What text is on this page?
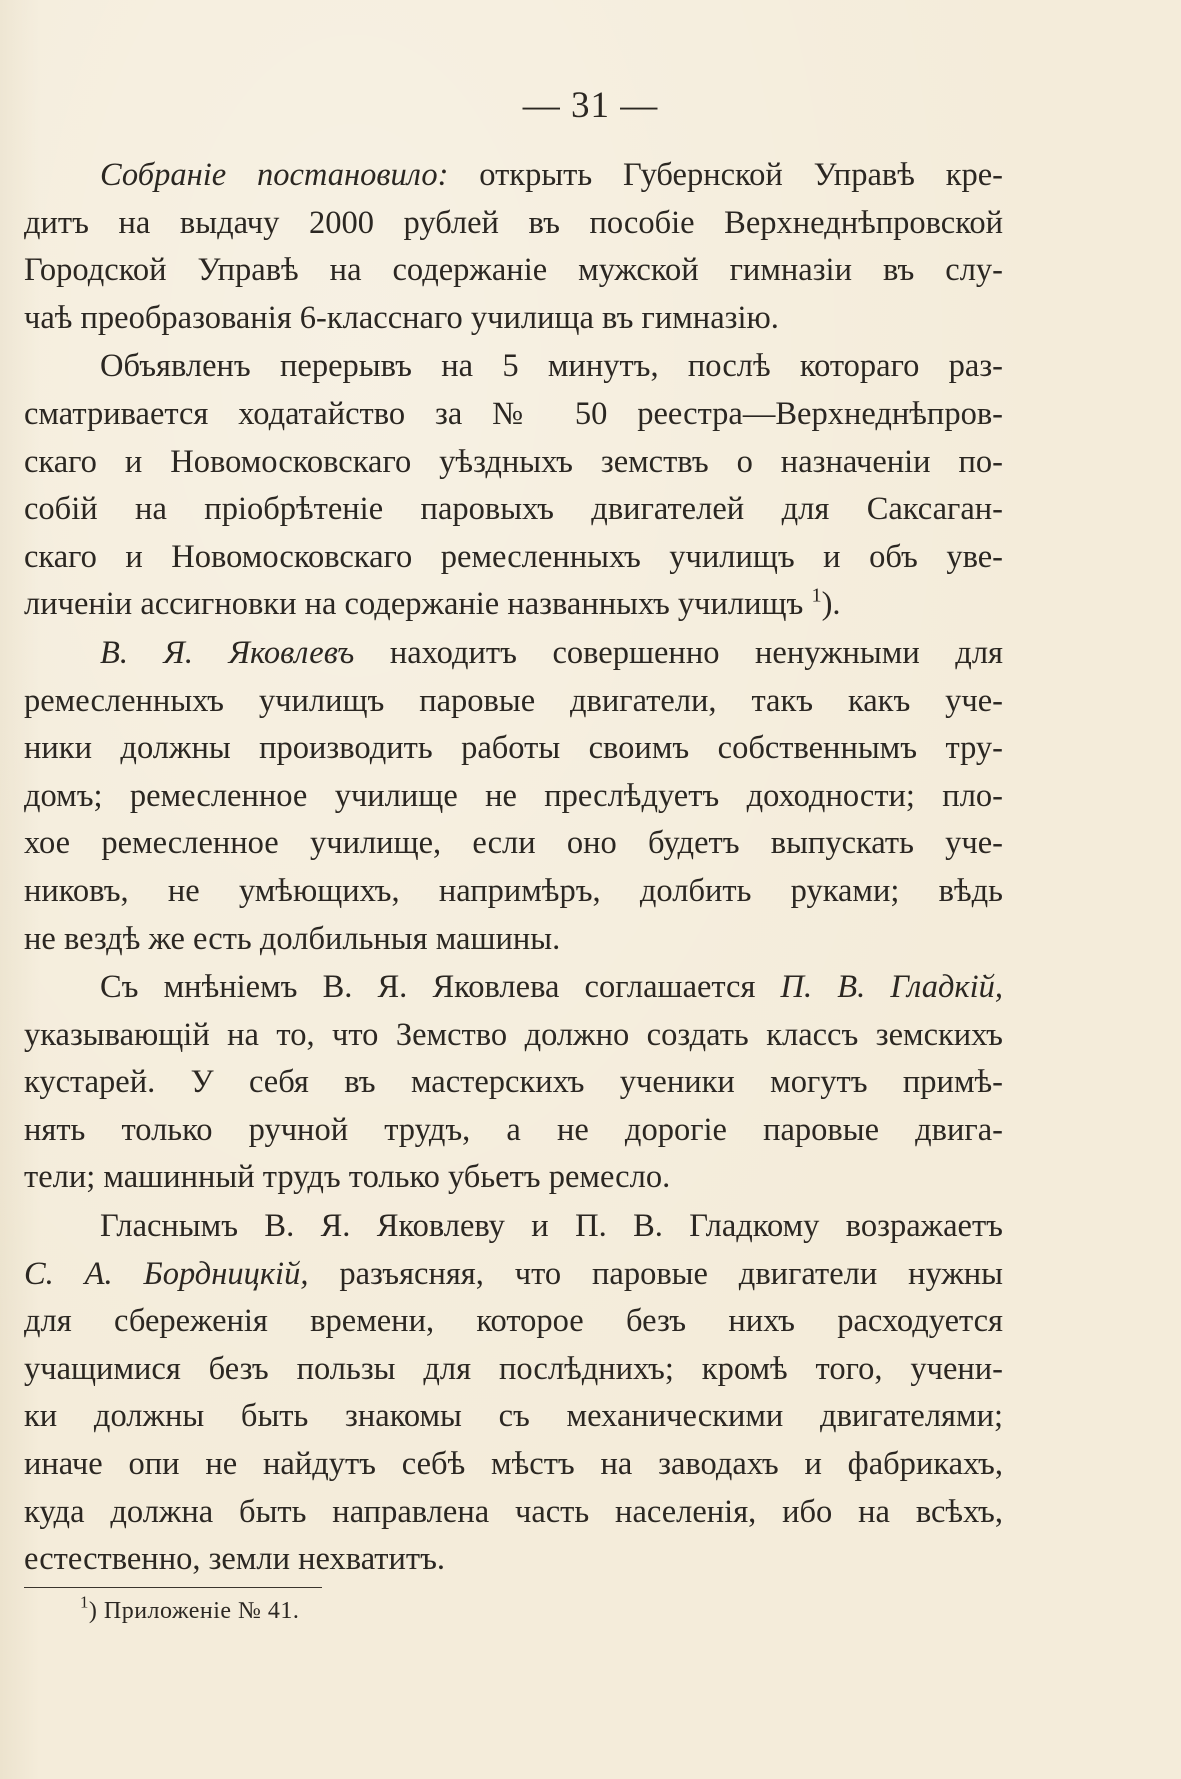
— 31 —
Собраніе постановило: открыть Губернской Управѣ кре-
дитъ на выдачу 2000 рублей въ пособіе Верхнеднѣпровской
Городской Управѣ на содержаніе мужской гимназіи въ слу-
чаѣ преобразованія 6-класснаго училища въ гимназію.
Объявленъ перерывъ на 5 минутъ, послѣ котораго раз-
сматривается ходатайство за № 50 реестра—Верхнеднѣпров-
скаго и Новомосковскаго уѣздныхъ земствъ о назначеніи по-
собій на пріобрѣтеніе паровыхъ двигателей для Саксаган-
скаго и Новомосковскаго ремесленныхъ училищъ и объ уве-
личеніи ассигновки на содержаніе названныхъ училищъ $^1$).
В. Я. Яковлевъ находитъ совершенно ненужными для
ремесленныхъ училищъ паровые двигатели, такъ какъ уче-
ники должны производить работы своимъ собственнымъ тру-
домъ; ремесленное училище не преслѣдуетъ доходности; пло-
хое ремесленное училище, если оно будетъ выпускать уче-
никовъ, не умѣющихъ, напримѣръ, долбить руками; вѣдь
не вездѣ же есть долбильныя машины.
Съ мнѣніемъ В. Я. Яковлева соглашается П. В. Гладкій,
указывающій на то, что Земство должно создать классъ земскихъ
кустарей. У себя въ мастерскихъ ученики могутъ примѣ-
нять только ручной трудъ, а не дорогіе паровые двига-
тели; машинный трудъ только убьетъ ремесло.
Гласнымъ В. Я. Яковлеву и П. В. Гладкому возражаетъ
С. А. Бордницкій, разъясняя, что паровые двигатели нужны
для сбереженія времени, которое безъ нихъ расходуется
учащимися безъ пользы для послѣднихъ; кромѣ того, учени-
ки должны быть знакомы съ механическими двигателями;
иначе опи не найдутъ себѣ мѣстъ на заводахъ и фабрикахъ,
куда должна быть направлена часть населенія, ибо на всѣхъ,
естественно, земли нехватитъ.
$^1$) Приложеніе № 41.
